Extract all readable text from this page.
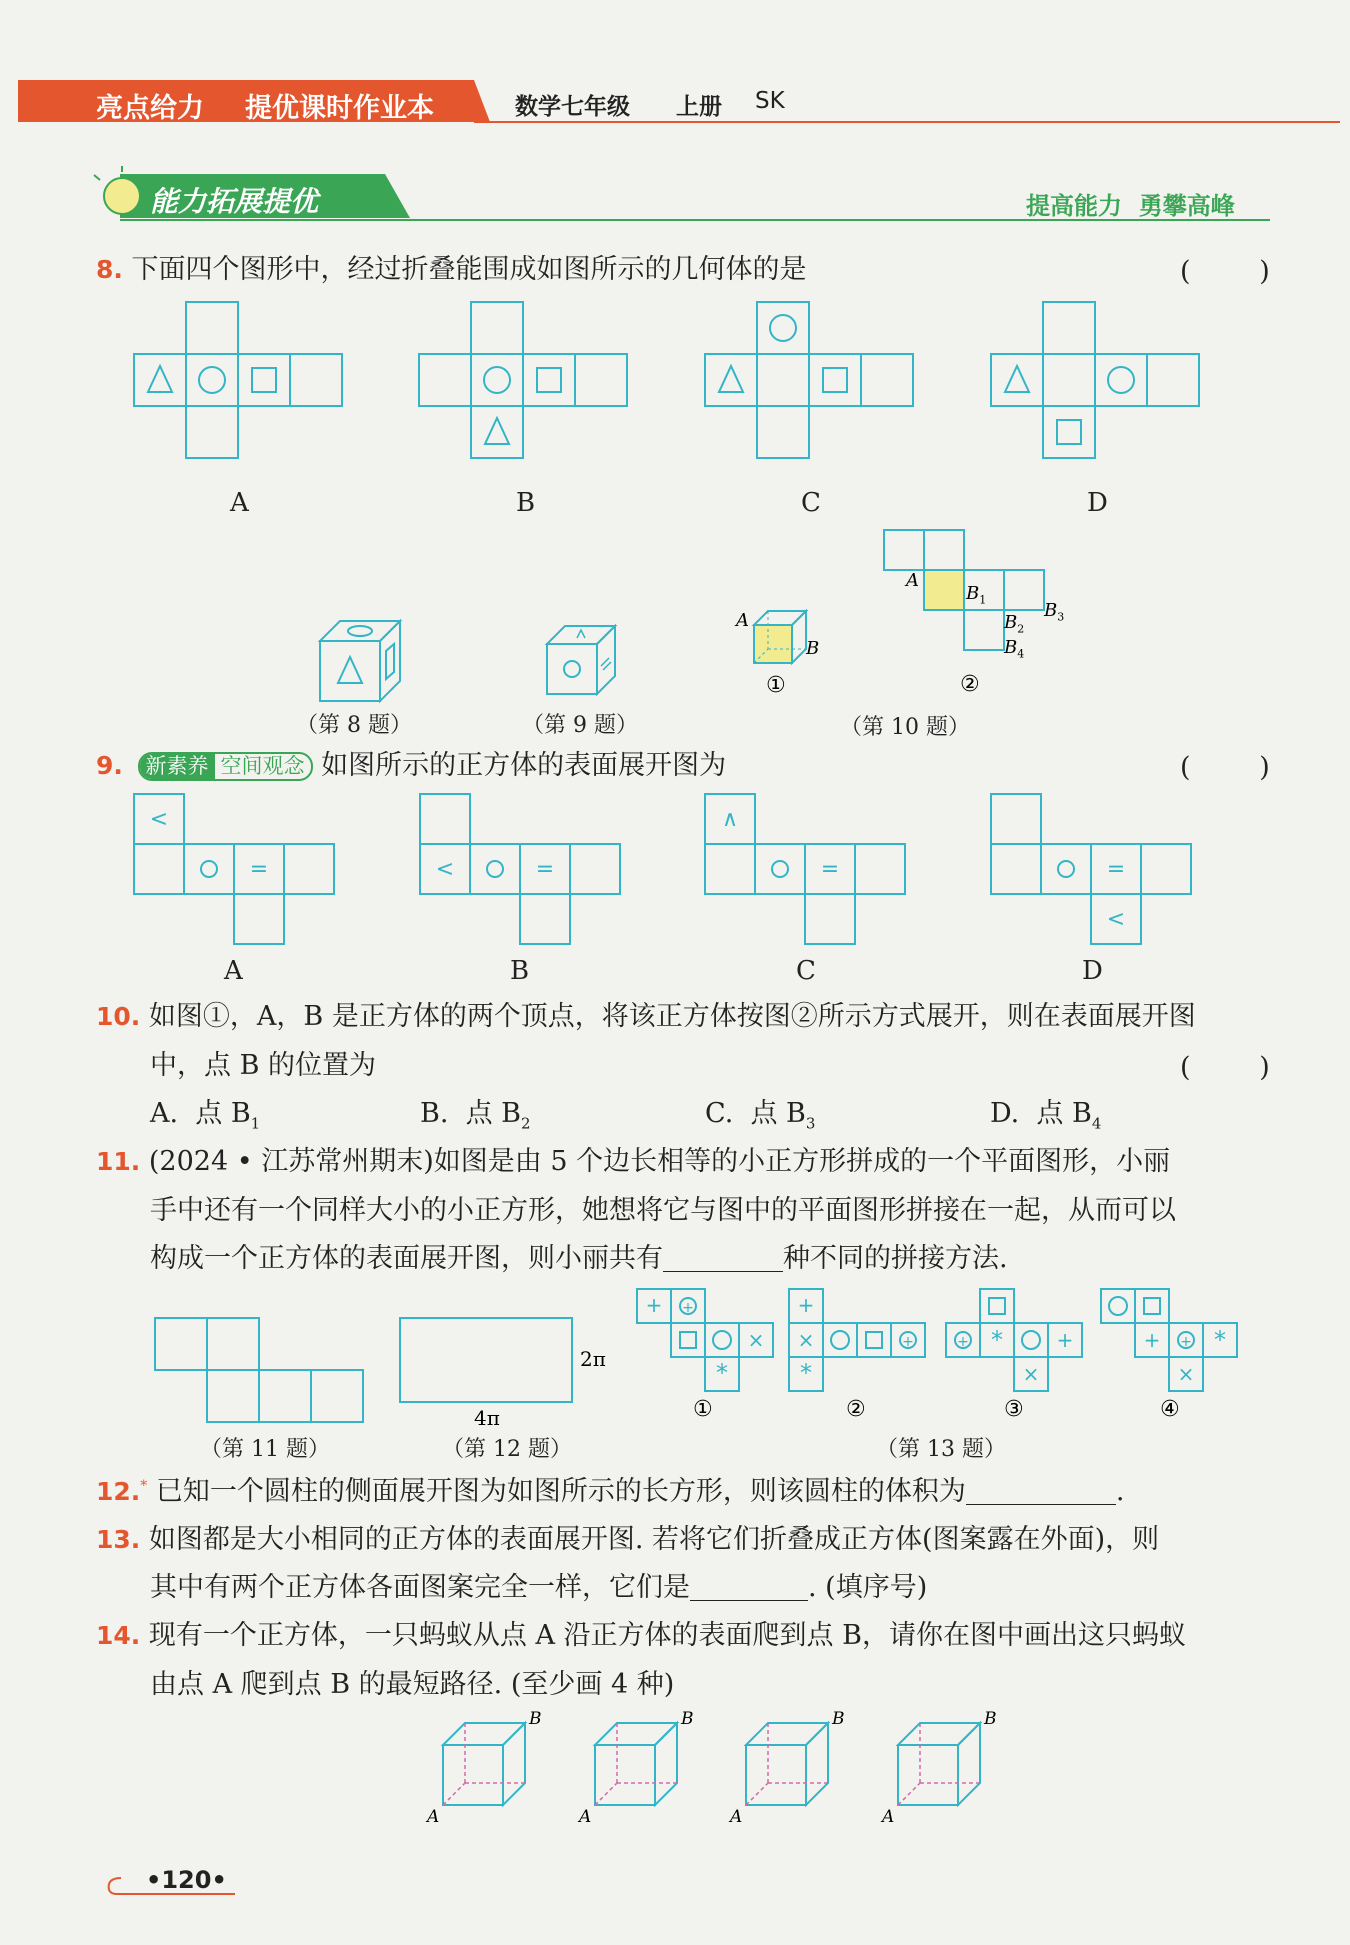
亮点给力 提优课时作业本	数学七年级 上册 SK
能力拓展提优	提高能力  勇攀高峰
8. 下面四个图形中，经过折叠能围成如图所示的几何体的是	(        )
A	B	C	D
（第 8 题）	（第 9 题）
A
B
①
A
$B_1$	$B_3$
$B_2$
$B_4$
②
（第 10 题）
9. 新素养 空间观念 如图所示的正方体的表面展开图为	(        )
<
=	<	=
∧
=	=
<
A	B	C	D
10. 如图①，A，B 是正方体的两个顶点，将该正方体按图②所示方式展开，则在表面展开图
中，点 B 的位置为	(        )
A.  点 $B_1$	B.  点 $B_2$	C.  点 $B_3$	D.  点 $B_4$
11. (2024 • 江苏常州期末)如图是由 5 个边长相等的小正方形拼成的一个平面图形，小丽
手中还有一个同样大小的小正方形，她想将它与图中的平面图形拼接在一起，从而可以
构成一个正方体的表面展开图，则小丽共有	种不同的拼接方法.
（第 11 题）
2π
4π
（第 12 题）
+ +
×
*
①
+
×	+
*
②
+ *	+
×
③
+ + *
×
④
（第 13 题）
12.* 已知一个圆柱的侧面展开图为如图所示的长方形，则该圆柱的体积为	.
13. 如图都是大小相同的正方体的表面展开图. 若将它们折叠成正方体(图案露在外面)，则
其中有两个正方体各面图案完全一样，它们是	. (填序号)
14. 现有一个正方体，一只蚂蚁从点 A 沿正方体的表面爬到点 B，请你在图中画出这只蚂蚁
由点 A 爬到点 B 的最短路径. (至少画 4 种)
A
B
A
B
A
B
A
B
•120•
